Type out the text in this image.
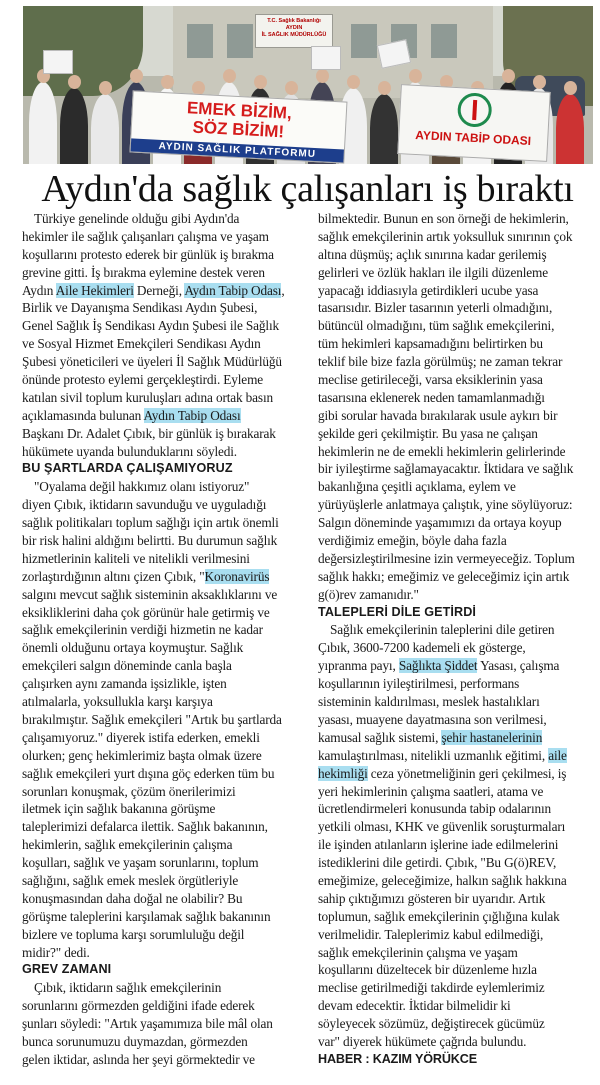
T.C. Sağlık Bakanlığı
AYDIN
İL SAĞLIK MÜDÜRLÜĞÜ
EMEK BİZİM,
SÖZ BİZİM!
AYDIN SAĞLIK PLATFORMU
AYDIN TABİP ODASI
Aydın'da sağlık çalışanları iş bıraktı
Türkiye genelinde olduğu gibi Aydın'da
hekimler ile sağlık çalışanları çalışma ve yaşam
koşullarını protesto ederek bir günlük iş bırakma
grevine gitti. İş bırakma eylemine destek veren
Aydın Aile Hekimleri Derneği, Aydın Tabip Odası,
Birlik ve Dayanışma Sendikası Aydın Şubesi,
Genel Sağlık İş Sendikası Aydın Şubesi ile Sağlık
ve Sosyal Hizmet Emekçileri Sendikası Aydın
Şubesi yöneticileri ve üyeleri İl Sağlık Müdürlüğü
önünde protesto eylemi gerçekleştirdi. Eyleme
katılan sivil toplum kuruluşları adına ortak basın
açıklamasında bulunan Aydın Tabip Odası
Başkanı Dr. Adalet Çıbık, bir günlük iş bırakarak
hükümete uyanda bulunduklarını söyledi.
BU ŞARTLARDA ÇALIŞAMIYORUZ
"Oyalama değil hakkımız olanı istiyoruz"
diyen Çıbık, iktidarın savunduğu ve uyguladığı
sağlık politikaları toplum sağlığı için artık önemli
bir risk halini aldığını belirtti. Bu durumun sağlık
hizmetlerinin kaliteli ve nitelikli verilmesini
zorlaştırdığının altını çizen Çıbık, "Koronavirüs
salgını mevcut sağlık sisteminin aksaklıklarını ve
eksikliklerini daha çok görünür hale getirmiş ve
sağlık emekçilerinin verdiği hizmetin ne kadar
önemli olduğunu ortaya koymuştur. Sağlık
emekçileri salgın döneminde canla başla
çalışırken aynı zamanda işsizlikle, işten
atılmalarla, yoksullukla karşı karşıya
bırakılmıştır. Sağlık emekçileri "Artık bu şartlarda
çalışamıyoruz." diyerek istifa ederken, emekli
olurken; genç hekimlerimiz başta olmak üzere
sağlık emekçileri yurt dışına göç ederken tüm bu
sorunları konuşmak, çözüm önerilerimizi
iletmek için sağlık bakanına görüşme
taleplerimizi defalarca ilettik. Sağlık bakanının,
hekimlerin, sağlık emekçilerinin çalışma
koşulları, sağlık ve yaşam sorunlarını, toplum
sağlığını, sağlık emek meslek örgütleriyle
konuşmasından daha doğal ne olabilir? Bu
görüşme taleplerini karşılamak sağlık bakanının
bizlere ve topluma karşı sorumluluğu değil
midir?" dedi.
GREV ZAMANI
Çıbık, iktidarın sağlık emekçilerinin
sorunlarını görmezden geldiğini ifade ederek
şunları söyledi: "Artık yaşamımıza bile mâl olan
bunca sorunumuzu duymazdan, görmezden
gelen iktidar, aslında her şeyi görmektedir ve
bilmektedir. Bunun en son örneği de hekimlerin,
sağlık emekçilerinin artık yoksulluk sınırının çok
altına düşmüş; açlık sınırına kadar gerilemiş
gelirleri ve özlük hakları ile ilgili düzenleme
yapacağı iddiasıyla getirdikleri ucube yasa
tasarısıdır. Bizler tasarının yeterli olmadığını,
bütüncül olmadığını, tüm sağlık emekçilerini,
tüm hekimleri kapsamadığını belirtirken bu
teklif bile bize fazla görülmüş; ne zaman tekrar
meclise getirileceği, varsa eksiklerinin yasa
tasarısına eklenerek neden tamamlanmadığı
gibi sorular havada bırakılarak usule aykırı bir
şekilde geri çekilmiştir. Bu yasa ne çalışan
hekimlerin ne de emekli hekimlerin gelirlerinde
bir iyileştirme sağlamayacaktır. İktidara ve sağlık
bakanlığına çeşitli açıklama, eylem ve
yürüyüşlerle anlatmaya çalıştık, yine söylüyoruz:
Salgın döneminde yaşamımızı da ortaya koyup
verdiğimiz emeğin, böyle daha fazla
değersizleştirilmesine izin vermeyeceğiz. Toplum
sağlık hakkı; emeğimiz ve geleceğimiz için artık
g(ö)rev zamanıdır."
TALEPLERİ DİLE GETİRDİ
Sağlık emekçilerinin taleplerini dile getiren
Çıbık, 3600-7200 kademeli ek gösterge,
yıpranma payı, Sağlıkta Şiddet Yasası, çalışma
koşullarının iyileştirilmesi, performans
sisteminin kaldırılması, meslek hastalıkları
yasası, muayene dayatmasına son verilmesi,
kamusal sağlık sistemi, şehir hastanelerinin
kamulaştırılması, nitelikli uzmanlık eğitimi, aile
hekimliği ceza yönetmeliğinin geri çekilmesi, iş
yeri hekimlerinin çalışma saatleri, atama ve
ücretlendirmeleri konusunda tabip odalarının
yetkili olması, KHK ve güvenlik soruşturmaları
ile işinden atılanların işlerine iade edilmelerini
istediklerini dile getirdi. Çıbık, "Bu G(ö)REV,
emeğimize, geleceğimize, halkın sağlık hakkına
sahip çıktığımızı gösteren bir uyarıdır. Artık
toplumun, sağlık emekçilerinin çığlığına kulak
verilmelidir. Taleplerimiz kabul edilmediği,
sağlık emekçilerinin çalışma ve yaşam
koşullarını düzeltecek bir düzenleme hızla
meclise getirilmediği takdirde eylemlerimiz
devam edecektir. İktidar bilmelidir ki
söyleyecek sözümüz, değiştirecek gücümüz
var" diyerek hükümete çağrıda bulundu.
HABER : KAZIM YÖRÜKCE
